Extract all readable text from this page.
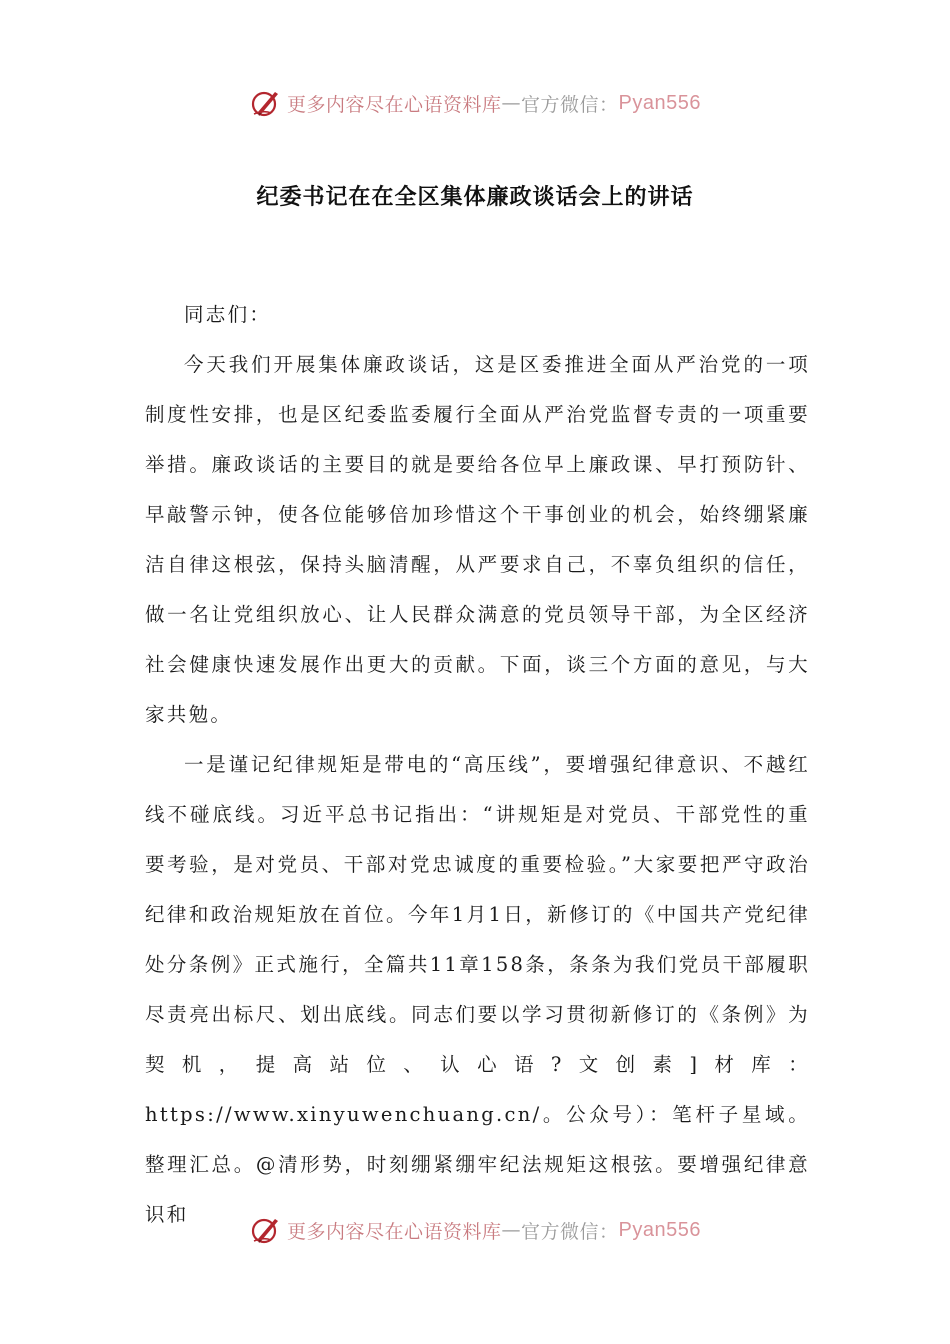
更多内容尽在心语资料库 — 官方微信： Pyan556
纪委书记在在全区集体廉政谈话会上的讲话

同志们：

今天我们开展集体廉政谈话，这是区委推进全面从严治党的一项制度性安排，也是区纪委监委履行全面从严治党监督专责的一项重要举措。廉政谈话的主要目的就是要给各位早上廉政课、早打预防针、早敲警示钟，使各位能够倍加珍惜这个干事创业的机会，始终绷紧廉洁自律这根弦，保持头脑清醒，从严要求自己，不辜负组织的信任，做一名让党组织放心、让人民群众满意的党员领导干部，为全区经济社会健康快速发展作出更大的贡献。下面，谈三个方面的意见，与大家共勉。

一是谨记纪律规矩是带电的“高压线”，要增强纪律意识、不越红线不碰底线。习近平总书记指出：“讲规矩是对党员、干部党性的重要考验，是对党员、干部对党忠诚度的重要检验。”大家要把严守政治纪律和政治规矩放在首位。今年1月1日，新修订的《中国共产党纪律处分条例》正式施行，全篇共11章158条，条条为我们党员干部履职尽责亮出标尺、划出底线。同志们要以学习贯彻新修订的《条例》为契机，提高站位、认心语?文创素]材库：https://www.xinyuwenchuang.cn/。公众号）：笔杆子星域。整理汇总。@清形势，时刻绷紧绷牢纪法规矩这根弦。要增强纪律意识和

更多内容尽在心语资料库 — 官方微信： Pyan556
